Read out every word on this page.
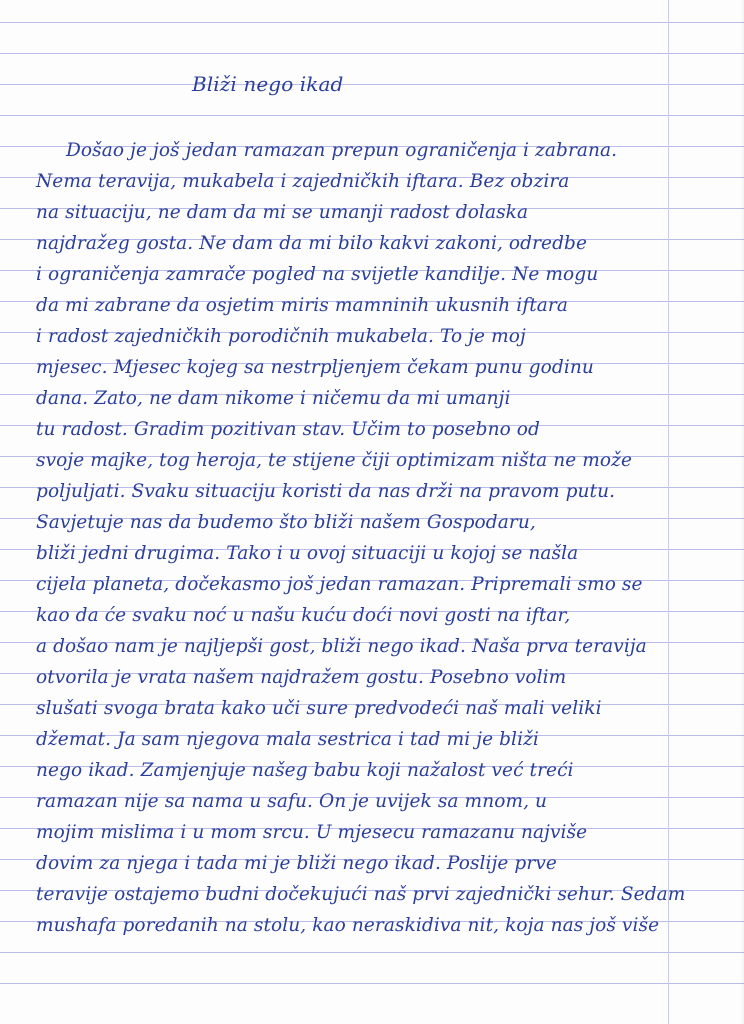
Bliži nego ikad
Došao je još jedan ramazan prepun ograničenja i zabrana.
Nema teravija, mukabela i zajedničkih iftara. Bez obzira
na situaciju, ne dam da mi se umanji radost dolaska
najdražeg gosta. Ne dam da mi bilo kakvi zakoni, odredbe
i ograničenja zamrače pogled na svijetle kandilje. Ne mogu
da mi zabrane da osjetim miris mamninih ukusnih iftara
i radost zajedničkih porodičnih mukabela. To je moj
mjesec. Mjesec kojeg sa nestrpljenjem čekam punu godinu
dana. Zato, ne dam nikome i ničemu da mi umanji
tu radost. Gradim pozitivan stav. Učim to posebno od
svoje majke, tog heroja, te stijene čiji optimizam ništa ne može
poljuljati. Svaku situaciju koristi da nas drži na pravom putu.
Savjetuje nas da budemo što bliži našem Gospodaru,
bliži jedni drugima. Tako i u ovoj situaciji u kojoj se našla
cijela planeta, dočekasmo još jedan ramazan. Pripremali smo se
kao da će svaku noć u našu kuću doći novi gosti na iftar,
a došao nam je najljepši gost, bliži nego ikad. Naša prva teravija
otvorila je vrata našem najdražem gostu. Posebno volim
slušati svoga brata kako uči sure predvodeći naš mali veliki
džemat. Ja sam njegova mala sestrica i tad mi je bliži
nego ikad. Zamjenjuje našeg babu koji nažalost već treći
ramazan nije sa nama u safu. On je uvijek sa mnom, u
mojim mislima i u mom srcu. U mjesecu ramazanu najviše
dovim za njega i tada mi je bliži nego ikad. Poslije prve
teravije ostajemo budni dočekujući naš prvi zajednički sehur. Sedam
mushafa poredanih na stolu, kao neraskidiva nit, koja nas još više
